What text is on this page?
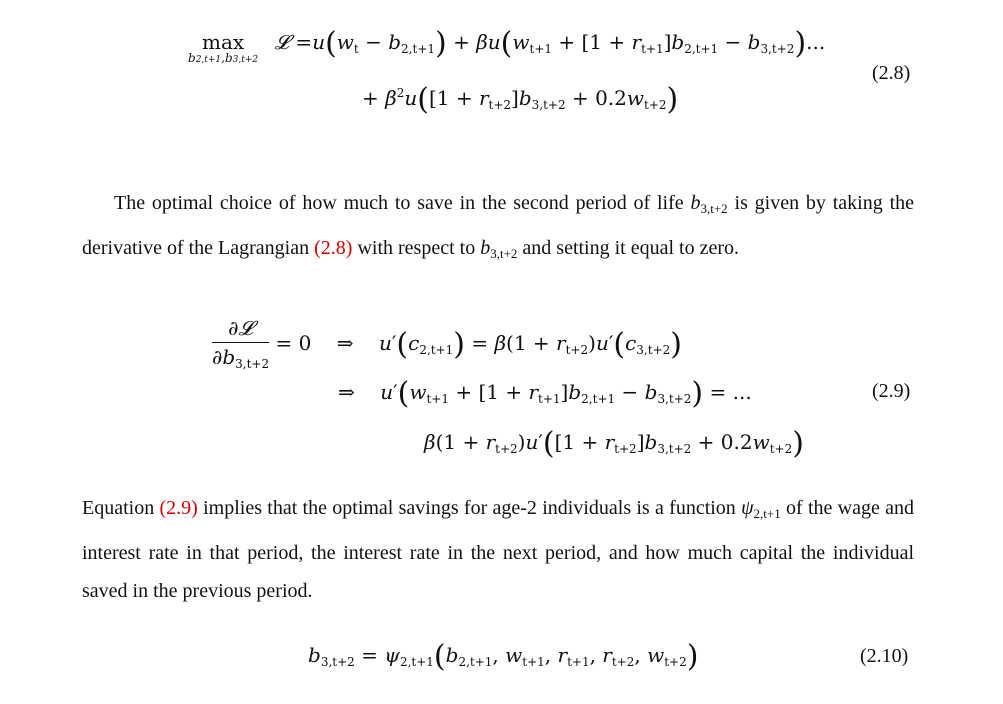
max
b2,t+1,b3,t+2
𝓛 $=u(w_t - b_{2,t+1}) + \beta u(w_{t+1} + [1 + r_{t+1}]b_{2,t+1} - b_{3,t+2})$...
+ $\beta^2u([1 + r_{t+2}]b_{3,t+2} + 0.2w_{t+2})$
(2.8)
The optimal choice of how much to save in the second period of life $b_{3,t+2}$ is given by taking the derivative of the Lagrangian (2.8) with respect to $b_{3,t+2}$ and setting it equal to zero.
$\frac{\text{∂𝓛}}{\partial b_{3,t+2}} = 0$    ⇒    $u'(c_{2,t+1}) = \beta(1 + r_{t+2})u'(c_{3,t+2})$
⇒    $u'(w_{t+1} + [1 + r_{t+1}]b_{2,t+1} - b_{3,t+2})$ = ...
$\beta(1 + r_{t+2})u'([1 + r_{t+2}]b_{3,t+2} + 0.2w_{t+2})$
(2.9)
Equation (2.9) implies that the optimal savings for age-2 individuals is a function $\psi_{2,t+1}$ of the wage and interest rate in that period, the interest rate in the next period, and how much capital the individual saved in the previous period.
$b_{3,t+2} = \psi_{2,t+1}(b_{2,t+1}$, $w_{t+1}$, $r_{t+1}$, $r_{t+2}$, $w_{t+2}$)	(2.10)
